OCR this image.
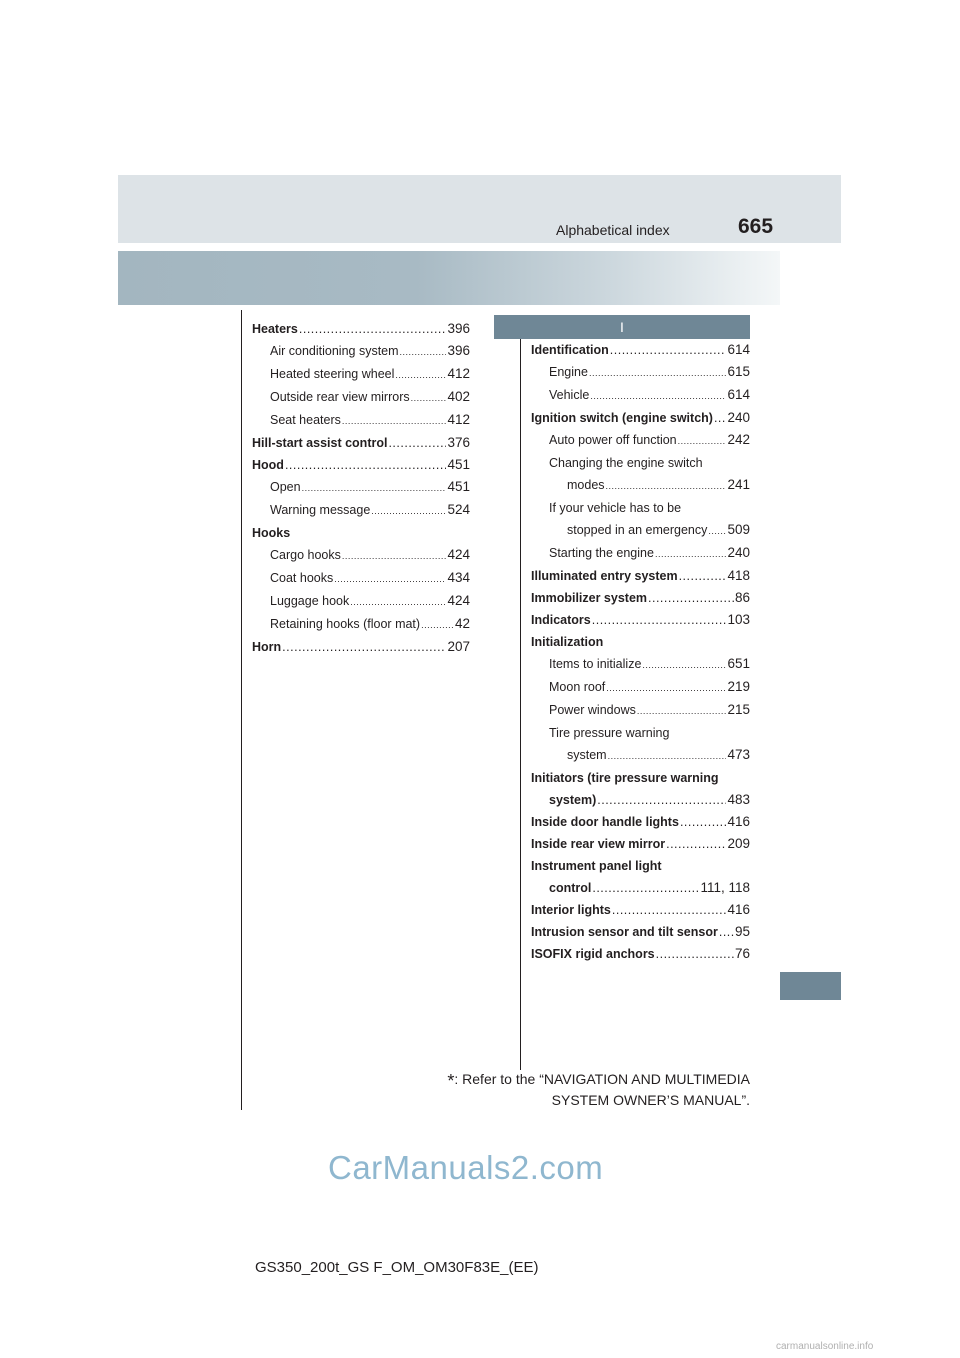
Alphabetical index	665
Heaters .....	396
Air conditioning system .....	396
Heated steering wheel .....	412
Outside rear view mirrors .....	402
Seat heaters .....	412
Hill-start assist control .....	376
Hood .....	451
Open .....	451
Warning message .....	524
Hooks
Cargo hooks .....	424
Coat hooks .....	434
Luggage hook .....	424
Retaining hooks (floor mat) .....	42
Horn .....	207
I
Identification .....	614
Engine .....	615
Vehicle .....	614
Ignition switch (engine switch) ..... 240
Auto power off function .....	242
Changing the engine switch
modes .....	241
If your vehicle has to be
stopped in an emergency ..... 509
Starting the engine .....	240
Illuminated entry system .....	418
Immobilizer system .....	86
Indicators .....	103
Initialization
Items to initialize .....	651
Moon roof .....	219
Power windows .....	215
Tire pressure warning
system .....	473
Initiators (tire pressure warning
system) .....	483
Inside door handle lights .....	416
Inside rear view mirror .....	209
Instrument panel light
control .....	111, 118
Interior lights .....	416
Intrusion sensor and tilt sensor ..... 95
ISOFIX rigid anchors .....	76
*: Refer to the “NAVIGATION AND MULTIMEDIA
SYSTEM OWNER’S MANUAL”.
CarManuals2.com
GS350_200t_GS F_OM_OM30F83E_(EE)
carmanualsonline.info
